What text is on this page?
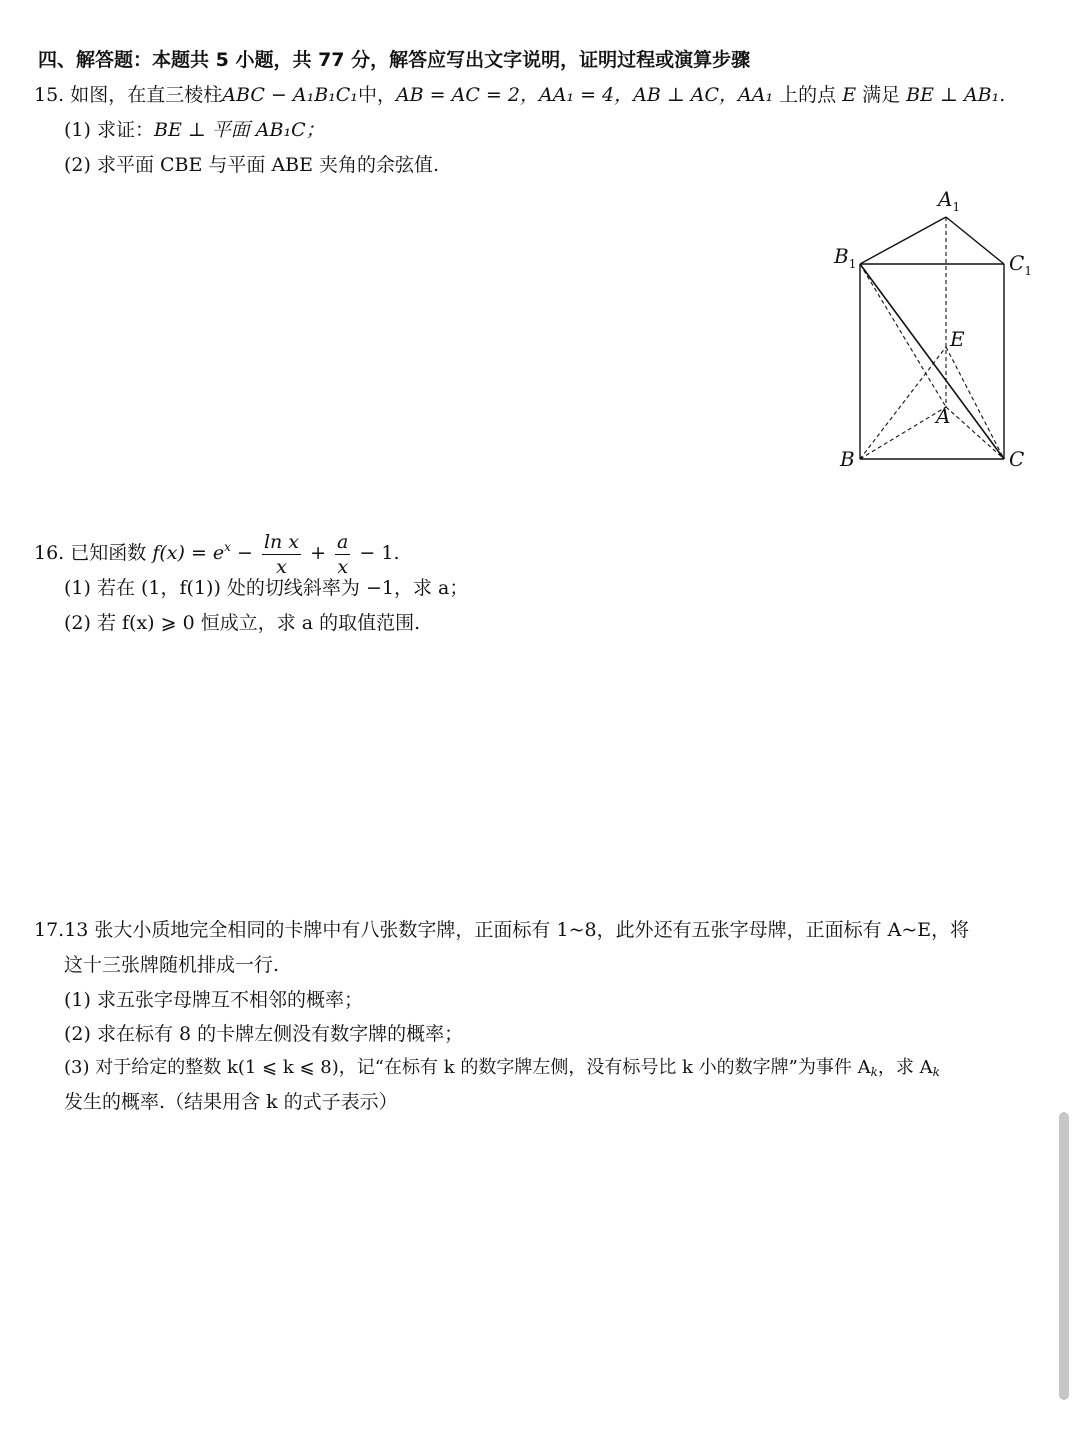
四、解答题：本题共 5 小题，共 77 分，解答应写出文字说明，证明过程或演算步骤
15. 如图，在直三棱柱ABC − A₁B₁C₁中，AB = AC = 2，AA₁ = 4，AB ⊥ AC，AA₁ 上的点 E 满足 BE ⊥ AB₁.
(1) 求证：BE ⊥ 平面 AB₁C；
(2) 求平面 CBE 与平面 ABE 夹角的余弦值.
$A_1$
$B_1$	$C_1$
E
A
B	C
16. 已知函数 $f(x) = e^x - \frac{\text{ln x}}{x} + \frac{a}{x} - 1$.
(1) 若在 (1，f(1)) 处的切线斜率为 −1，求 a；
(2) 若 f(x) ⩾ 0 恒成立，求 a 的取值范围.
17.13 张大小质地完全相同的卡牌中有八张数字牌，正面标有 1~8，此外还有五张字母牌，正面标有 A~E，将
这十三张牌随机排成一行.
(1) 求五张字母牌互不相邻的概率；
(2) 求在标有 8 的卡牌左侧没有数字牌的概率；
(3) 对于给定的整数 k(1 ⩽ k ⩽ 8)，记“在标有 k 的数字牌左侧，没有标号比 k 小的数字牌”为事件 $A_k$，求 $A_k$
发生的概率.（结果用含 k 的式子表示）
